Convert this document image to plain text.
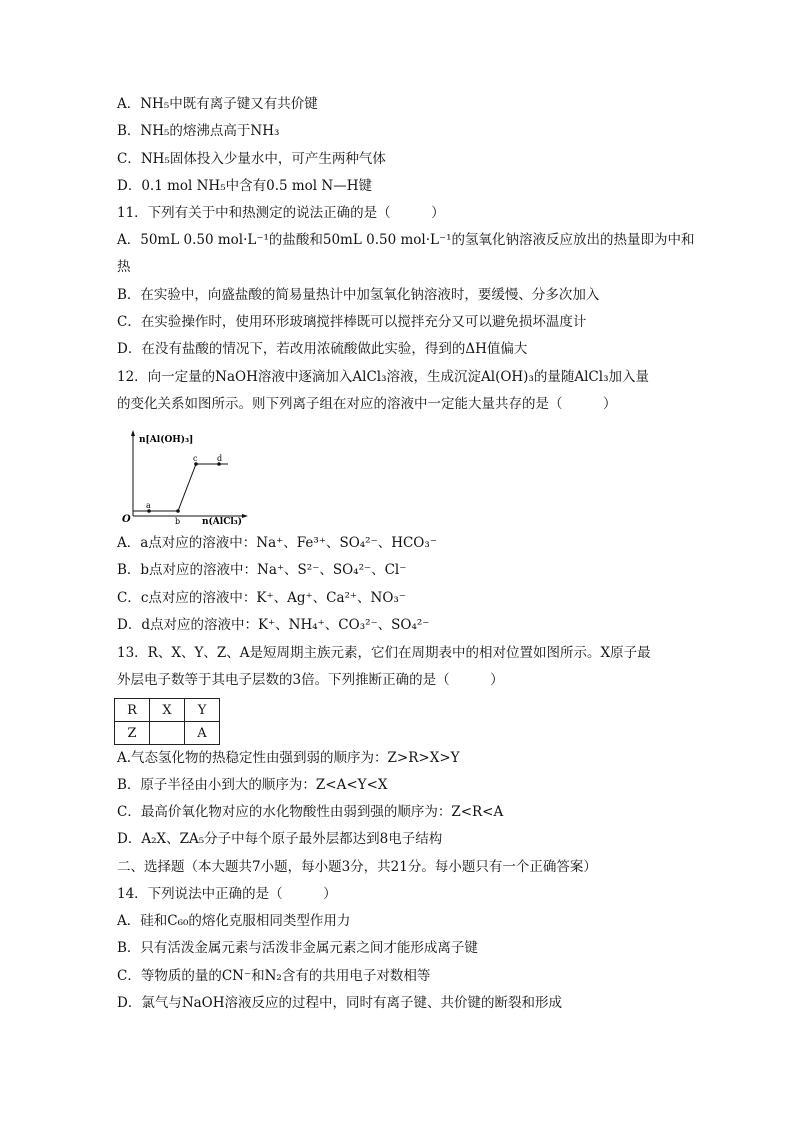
A．NH₅中既有离子键又有共价键
B．NH₅的熔沸点高于NH₃
C．NH₅固体投入少量水中，可产生两种气体
D．0.1 mol NH₅中含有0.5 mol N—H键
11．下列有关于中和热测定的说法正确的是（　　　）
A．50mL 0.50 mol·L⁻¹的盐酸和50mL 0.50 mol·L⁻¹的氢氧化钠溶液反应放出的热量即为中和
热
B．在实验中，向盛盐酸的简易量热计中加氢氧化钠溶液时，要缓慢、分多次加入
C．在实验操作时，使用环形玻璃搅拌棒既可以搅拌充分又可以避免损坏温度计
D．在没有盐酸的情况下，若改用浓硫酸做此实验，得到的ΔH值偏大
12．向一定量的NaOH溶液中逐滴加入AlCl₃溶液，生成沉淀Al(OH)₃的量随AlCl₃加入量
的变化关系如图所示。则下列离子组在对应的溶液中一定能大量共存的是（　　　）
n[Al(OH)₃]
n(AlCl₃)
O
a
b
c d
A．a点对应的溶液中：Na⁺、Fe³⁺、SO₄²⁻、HCO₃⁻
B．b点对应的溶液中：Na⁺、S²⁻、SO₄²⁻、Cl⁻
C．c点对应的溶液中：K⁺、Ag⁺、Ca²⁺、NO₃⁻
D．d点对应的溶液中：K⁺、NH₄⁺、CO₃²⁻、SO₄²⁻
13．R、X、Y、Z、A是短周期主族元素，它们在周期表中的相对位置如图所示。X原子最
外层电子数等于其电子层数的3倍。下列推断正确的是（　　　）
R	X	Y
Z		A
A.气态氢化物的热稳定性由强到弱的顺序为：Z>R>X>Y
B．原子半径由小到大的顺序为：Z<A<Y<X
C．最高价氧化物对应的水化物酸性由弱到强的顺序为：Z<R<A
D．A₂X、ZA₅分子中每个原子最外层都达到8电子结构
二、选择题（本大题共7小题，每小题3分，共21分。每小题只有一个正确答案）
14．下列说法中正确的是（　　　）
A．硅和C₆₀的熔化克服相同类型作用力
B．只有活泼金属元素与活泼非金属元素之间才能形成离子键
C．等物质的量的CN⁻和N₂含有的共用电子对数相等
D．氯气与NaOH溶液反应的过程中，同时有离子键、共价键的断裂和形成
